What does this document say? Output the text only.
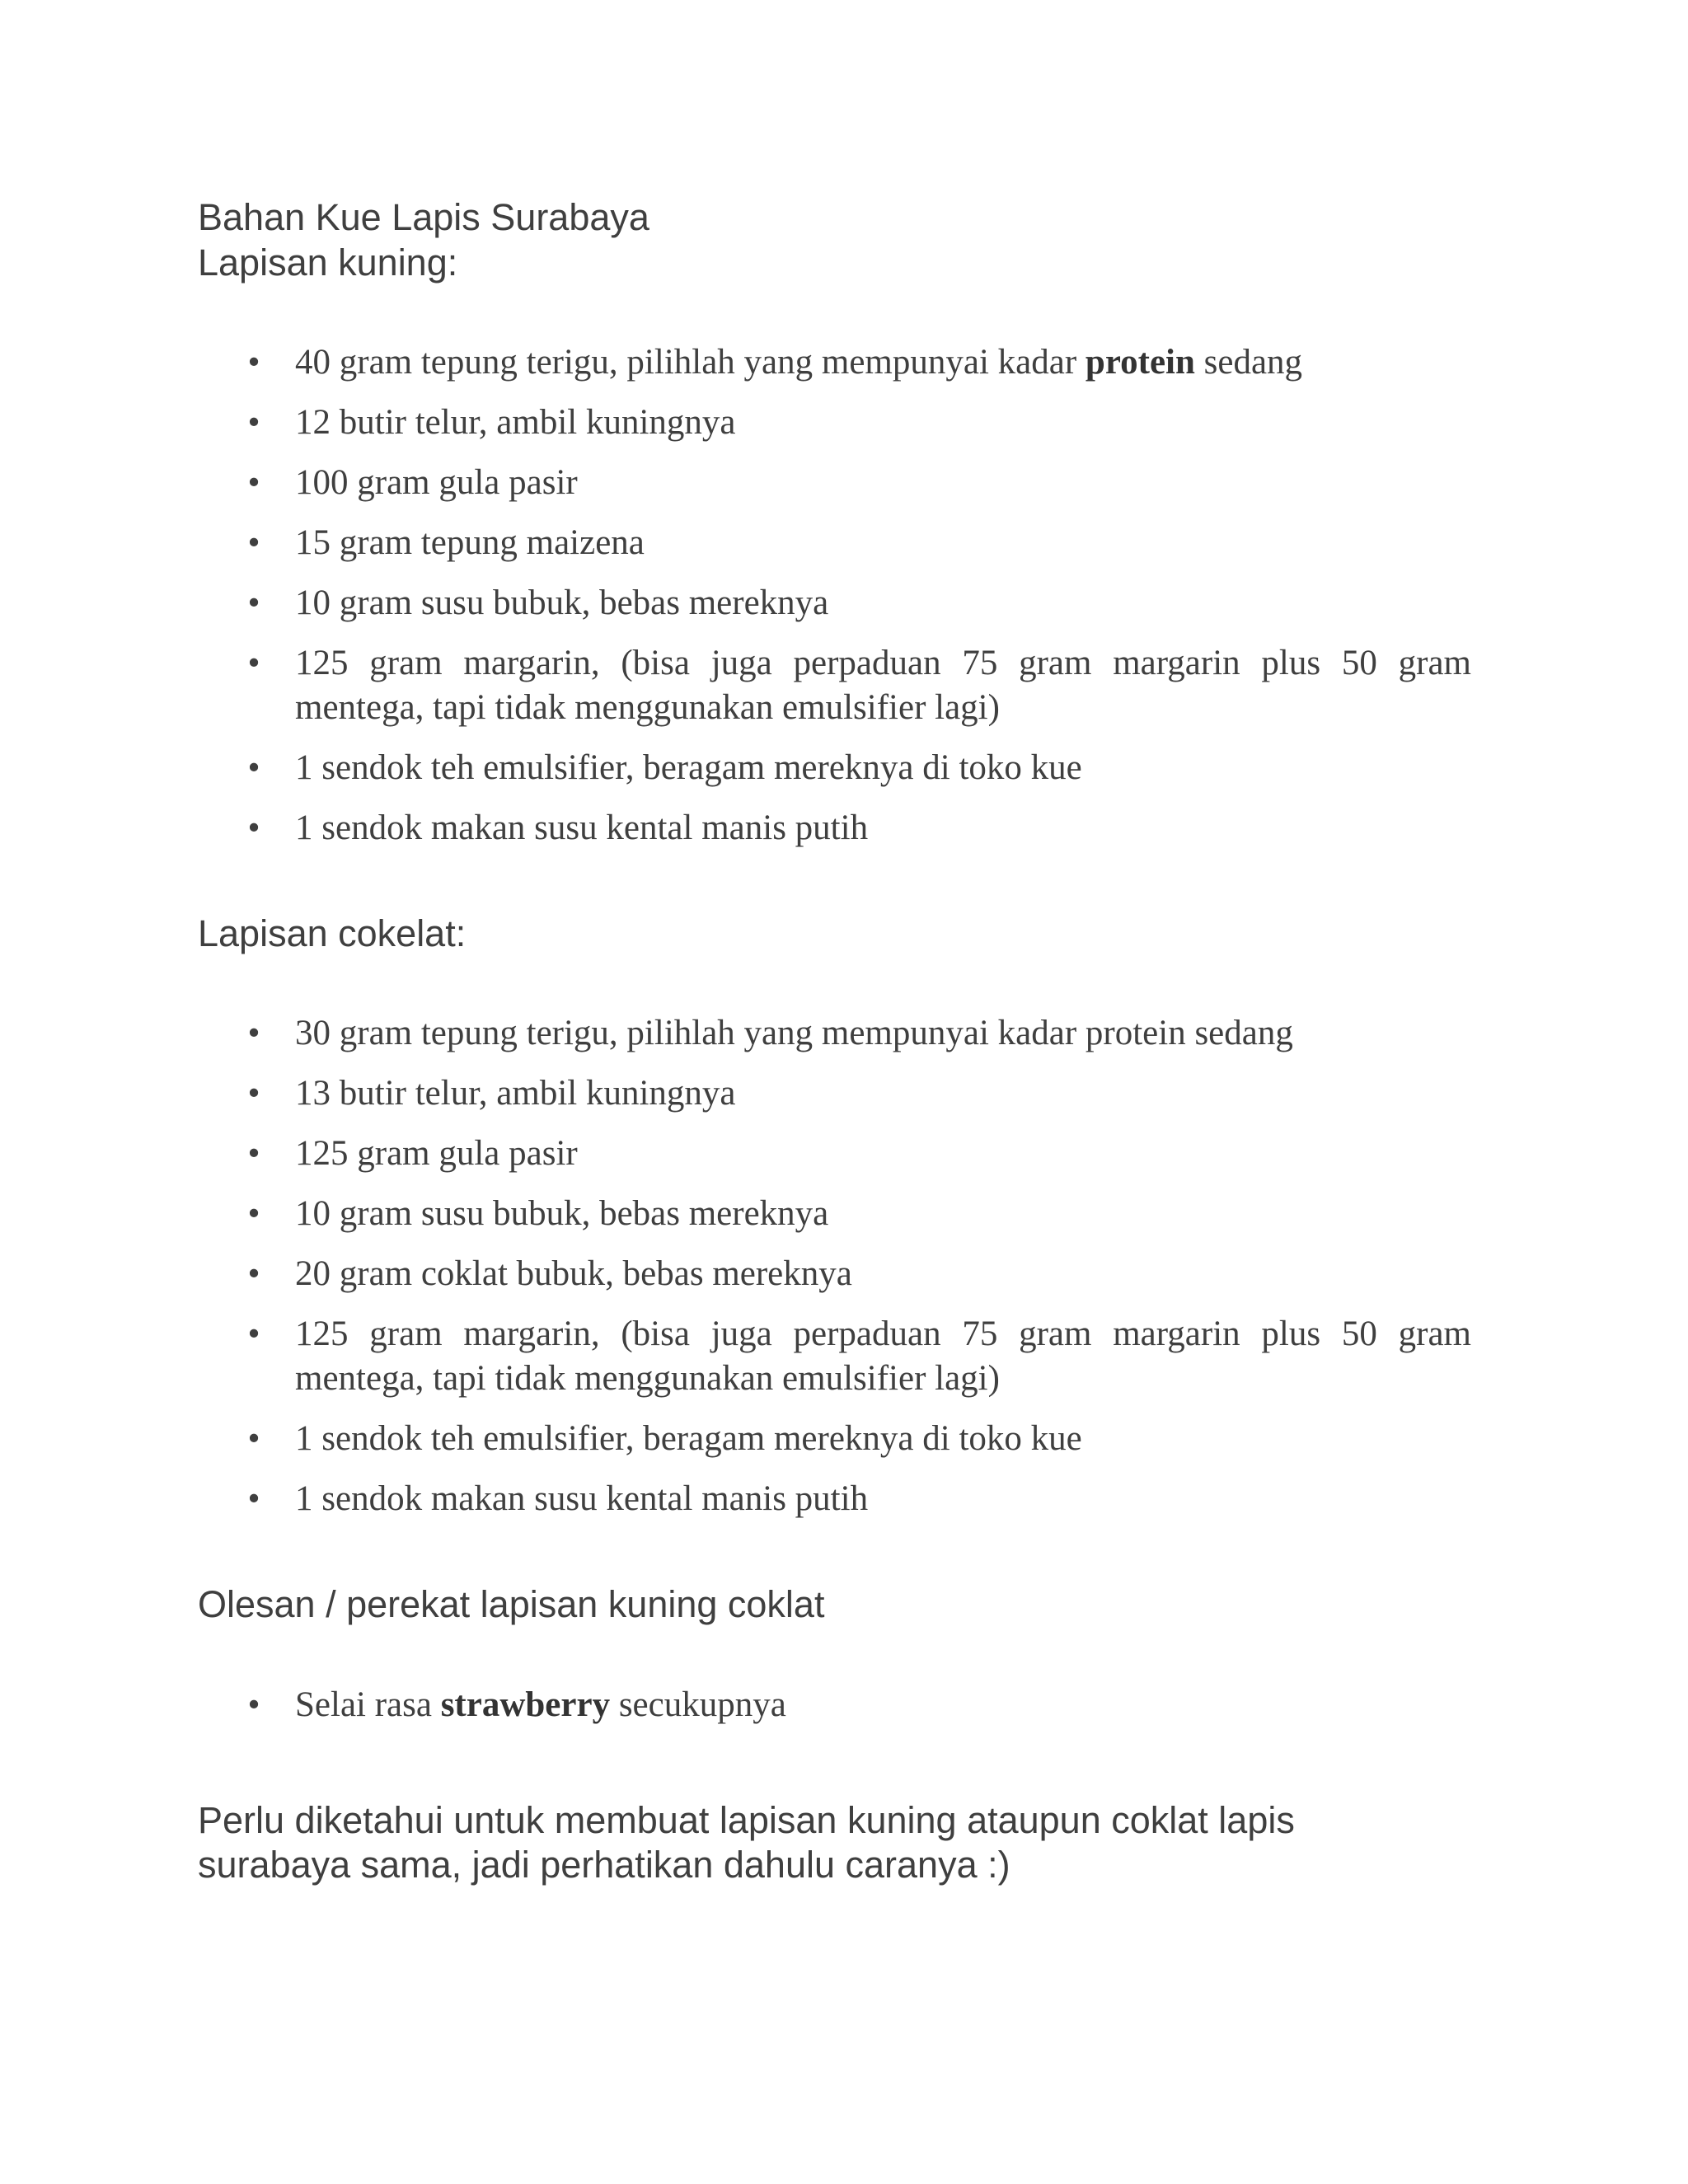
Bahan Kue Lapis Surabaya

Lapisan kuning:

• 40 gram tepung terigu, pilihlah yang mempunyai kadar protein sedang
• 12 butir telur, ambil kuningnya
• 100 gram gula pasir
• 15 gram tepung maizena
• 10 gram susu bubuk, bebas mereknya
• 125 gram margarin, (bisa juga perpaduan 75 gram margarin plus 50 gram mentega, tapi tidak menggunakan emulsifier lagi)
• 1 sendok teh emulsifier, beragam mereknya di toko kue
• 1 sendok makan susu kental manis putih

Lapisan cokelat:

• 30 gram tepung terigu, pilihlah yang mempunyai kadar protein sedang
• 13 butir telur, ambil kuningnya
• 125 gram gula pasir
• 10 gram susu bubuk, bebas mereknya
• 20 gram coklat bubuk, bebas mereknya
• 125 gram margarin, (bisa juga perpaduan 75 gram margarin plus 50 gram mentega, tapi tidak menggunakan emulsifier lagi)
• 1 sendok teh emulsifier, beragam mereknya di toko kue
• 1 sendok makan susu kental manis putih

Olesan / perekat lapisan kuning coklat

• Selai rasa strawberry secukupnya

Perlu diketahui untuk membuat lapisan kuning ataupun coklat lapis

surabaya sama, jadi perhatikan dahulu caranya :)
